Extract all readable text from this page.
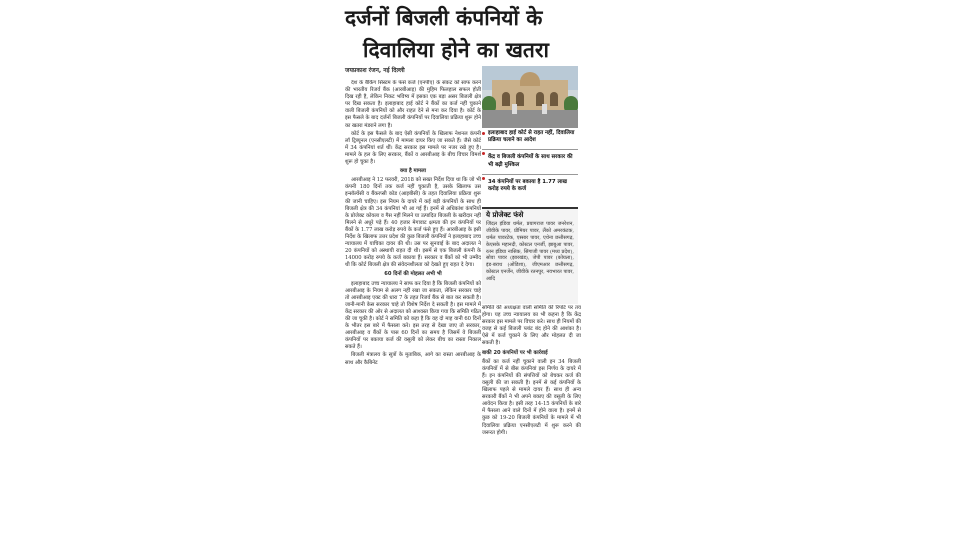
दर्जनों बिजली कंपनियों के
दिवालिया होने का खतरा
जयप्रकाश रंजन, नई दिल्ली

देश के बैंकिंग सिस्टम के फंसे कर्जे (एनपीए) के संकट को साफ करने की भारतीय रिजर्व बैंक (आरबीआइ) की मुहिम फिलहाल सफल होती दिख रही है, लेकिन निकट भविष्य में इसका एक बड़ा असर बिजली क्षेत्र पर दिख सकता है। इलाहाबाद हाई कोर्ट ने बैंकों का कर्ज नहीं चुकाने वाली बिजली कंपनियों को और राहत देने से मना कर दिया है। कोर्ट के इस फैसले के बाद दर्जनों बिजली कंपनियों पर दिवालिया प्रक्रिया शुरू होने का खतरा मंडराने लगा है।

कोर्ट के इस फैसले के बाद ऐसी कंपनियों के खिलाफ नेशनल कंपनी लॉ ट्रिब्यूनल (एनसीएलटी) में मामला दायर किए जा सकते हैं। जैसे कोर्ट में 34 कंपनियां शर्त थीं। केंद्र सरकार इस मामले पर नजर रखे हुए है। मामले के हल के लिए सरकार, बैंकों व आरबीआइ के बीच विचार विमर्श शुरू हो चुका है।

क्या है मामला

आरबीआइ ने 12 फरवरी, 2018 को सख्त निर्देश दिया था कि जो भी कंपनी 180 दिनों तक कर्ज नहीं चुकाती है, उसके खिलाफ उस इन्सॉल्वेंसी व बैंकरप्सी कोड (आइबीसी) के तहत दिवालिया प्रक्रिया शुरू की जानी चाहिए। इस नियम के दायरे में कई बड़ी कंपनियों के साथ ही बिजली क्षेत्र की 34 कंपनियां भी आ गई हैं। इनमें से अधिकांश कंपनियों के प्रोजेक्ट कोयला व गैस नहीं मिलने या उत्पादित बिजली के खरीदार नहीं मिलने से अधूरे पड़े हैं। 40 हजार मेगावाट क्षमता की इन कंपनियों पर बैंकों के 1.77 लाख करोड़ रुपये के कर्ज फंसे हुए हैं। आरबीआइ के इसी निर्देश के खिलाफ उत्तर प्रदेश की कुछ बिजली कंपनियों ने इलाहाबाद उच्च न्यायालय में याचिका दायर की थी। उस पर सुनवाई के बाद अदालत ने 20 कंपनियों को अस्थायी राहत दी थी। इसमें से एक बिजली कंपनी के 14000 करोड़ रुपये के कर्ज बकाया हैं। सरकार व बैंकों को भी उम्मीद थी कि कोर्ट बिजली क्षेत्र की संवेदनशीलता को देखते हुए राहत दे देगा।

60 दिनों की मोहलत अभी भी

इलाहाबाद उच्च न्यायालय ने साफ कर दिया है कि बिजली कंपनियों को आरबीआइ के नियम से अलग नहीं रखा जा सकता, लेकिन सरकार चाहे तो आरबीआइ एक्ट की धारा 7 के तहत रिजर्व बैंक से बात कर सकती है। जानी-मानी केस सरकार चाहे तो विशेष निर्देश दे सकती है। इस मामले में केंद्र सरकार की ओर से अदालत को आश्वस्त किया गया कि समिति गठित की जा चुकी है। कोर्ट ने समिति को कहा है कि वह दो माह यानी 60 दिनों के भीतर इस बारे में फैसला करे। इस तरह से देखा जाए तो सरकार, आरबीआइ व बैंकों के पास 60 दिनों का समय है जिसमें वे बिजली कंपनियों पर बकाया कर्ज की वसूली को लेकर बीच का रास्ता निकाल सकते हैं।

बिजली मंत्रालय के सूत्रों के मुताबिक, आगे का रास्ता आरबीआइ के साथ और कैबिनेट

इलाहाबाद हाई कोर्ट से राहत नहीं, दिवालिया प्रक्रिया चलाने का आदेश
केंद्र व बिजली कंपनियों के साथ सरकार की भी बढ़ी मुश्किल
34 कंपनियों पर बकाया है 1.77 लाख करोड़ रुपये के कर्ज
ये प्रोजेक्ट फंसे
जिंदल इंडिया थर्मल, प्रयागराज पावर जनरेशन, जीवीके पावर, प्रीमियर पावर, लैंको अमरकंटक, थर्मल पावरटेक, एस्सार पावर, एथेना छत्तीसगढ़, केएसके महानदी, कोस्टल एनर्जी, झाबुआ पावर, रतन इंडिया नासिक, सिंगाजी पावर (मध्य प्रदेश), सोवा पावर (झारखंड), जेपी पावर (कोयला), इंड-बराथ (ओडिशा), जीएमआर छत्तीसगढ़, कोस्टल एनर्जेन, जीवीके रतनपुर, नवभारत पावर, आदि

समिति की अध्यक्षता वाली समिति की रिपोर्ट पर तय होगा। यह उच्च न्यायालय का भी कहना है कि केंद्र सरकार इस मामले पर विचार करे। साथ ही नियमों की वजह से कई बिजली प्लांट बंद होने की आशंका है। ऐसे में कर्ज चुकाने के लिए और मोहलत दी जा सकती है।

बाकी 20 कंपनियों पर भी कार्रवाई

बैंकों का कर्ज नहीं चुकाने वाली इन 34 बिजली कंपनियों में से बीस कंपनियां इस निर्णय के दायरे में हैं। इन कंपनियों की संपत्तियों को बेचकर कर्ज की वसूली की जा सकती है। इनमें से कई कंपनियों के खिलाफ पहले से मामले दायर हैं। साथ ही अन्य सरकारी बैंकों ने भी अपने बकाए की वसूली के लिए आवेदन किया है। इसी तरह 14-15 कंपनियों के बारे में फैसला आने वाले दिनों में होने वाला है। इनमें से कुछ को 19-20 बिजली कंपनियों के मामले में भी दिवालिया प्रक्रिया एनसीएलटी में शुरू करने की जरूरत होगी।
